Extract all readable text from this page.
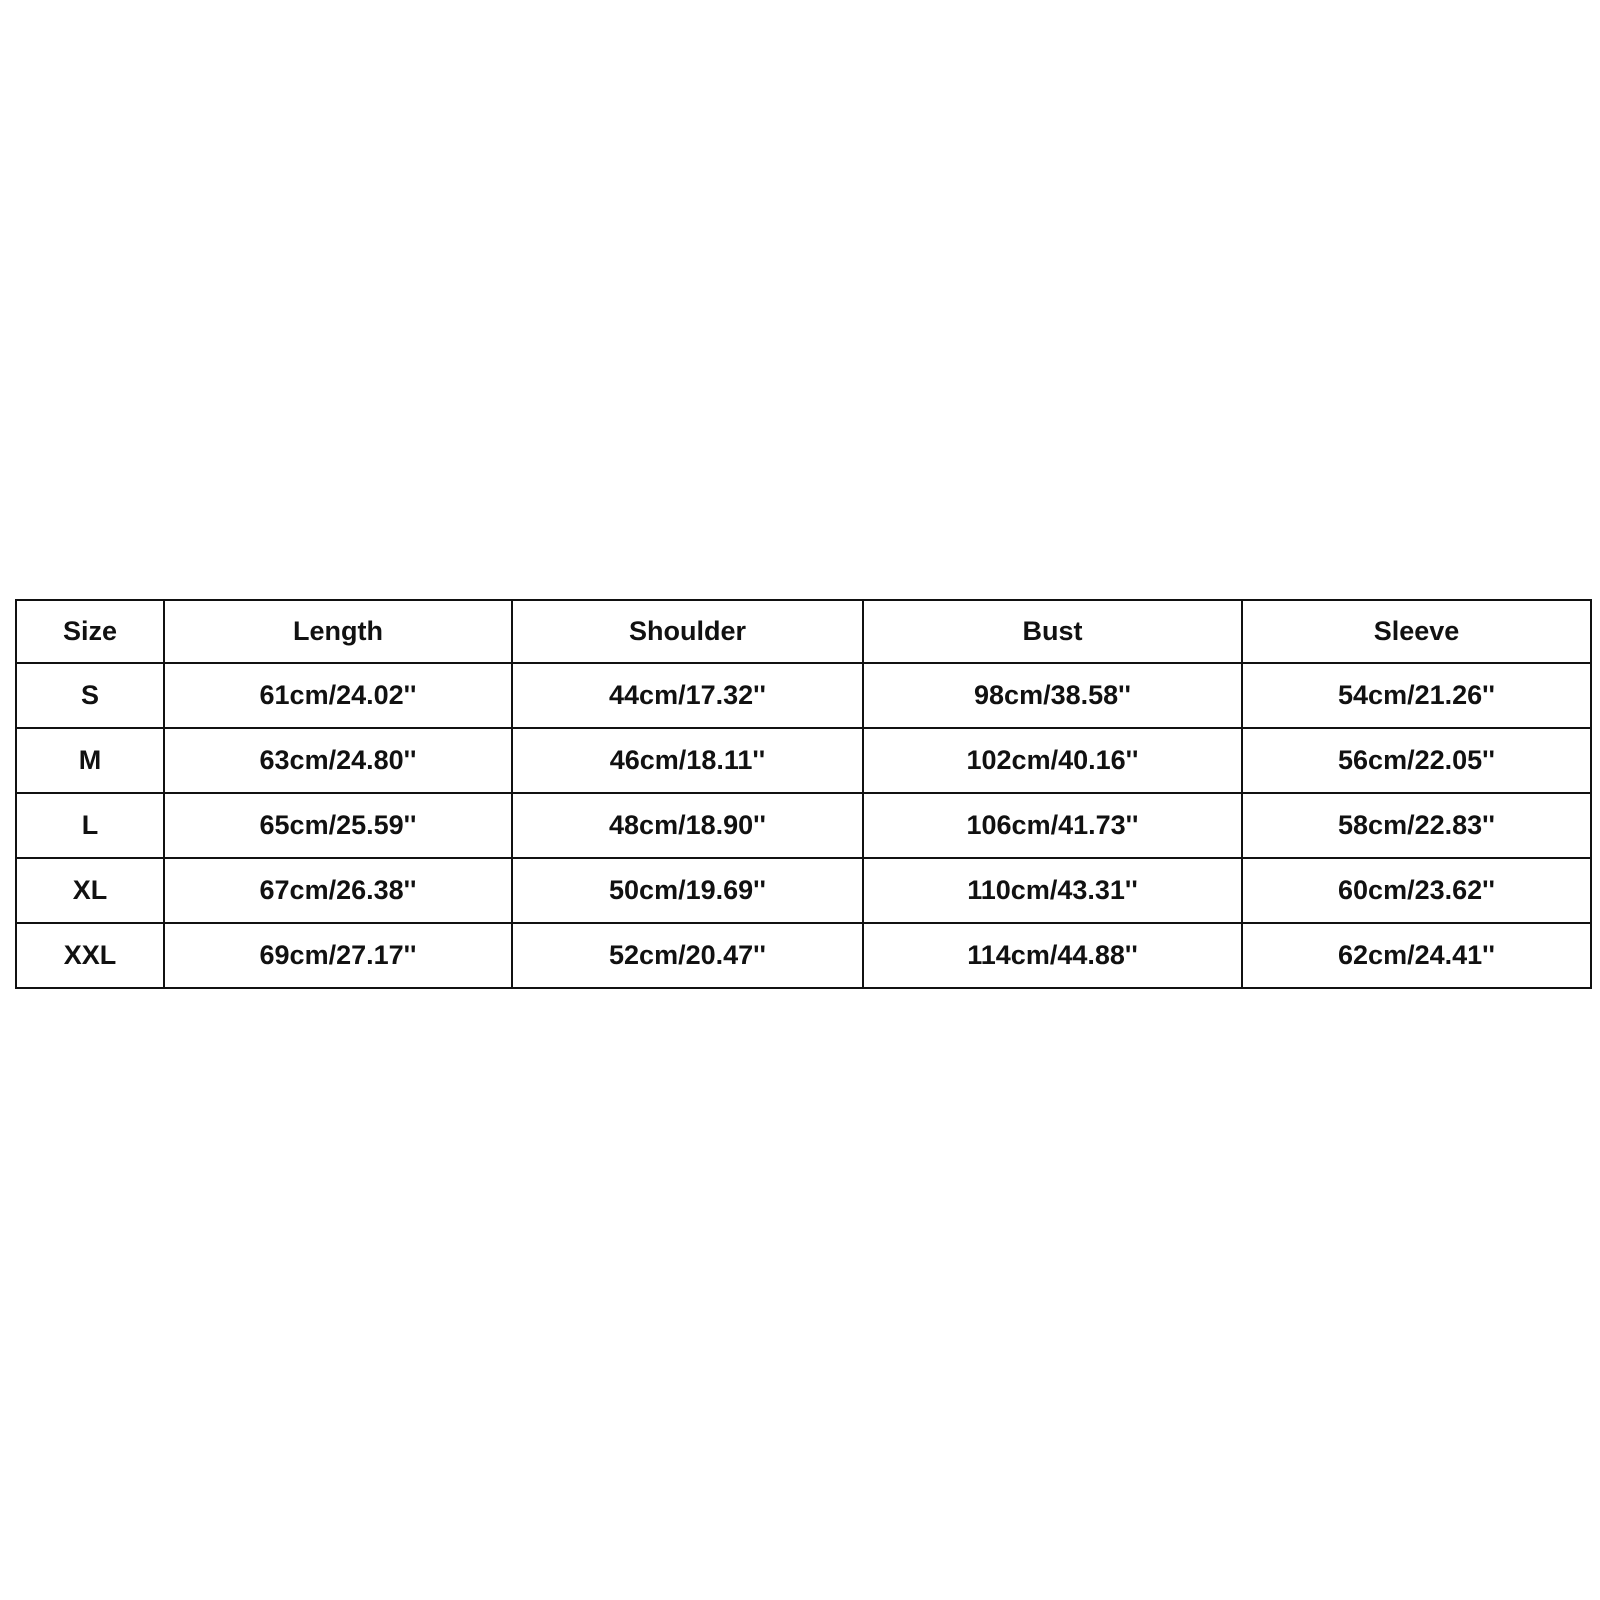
Size	Length	Shoulder	Bust	Sleeve
S	61cm/24.02''	44cm/17.32''	98cm/38.58''	54cm/21.26''
M	63cm/24.80''	46cm/18.11''	102cm/40.16''	56cm/22.05''
L	65cm/25.59''	48cm/18.90''	106cm/41.73''	58cm/22.83''
XL	67cm/26.38''	50cm/19.69''	110cm/43.31''	60cm/23.62''
XXL	69cm/27.17''	52cm/20.47''	114cm/44.88''	62cm/24.41''
